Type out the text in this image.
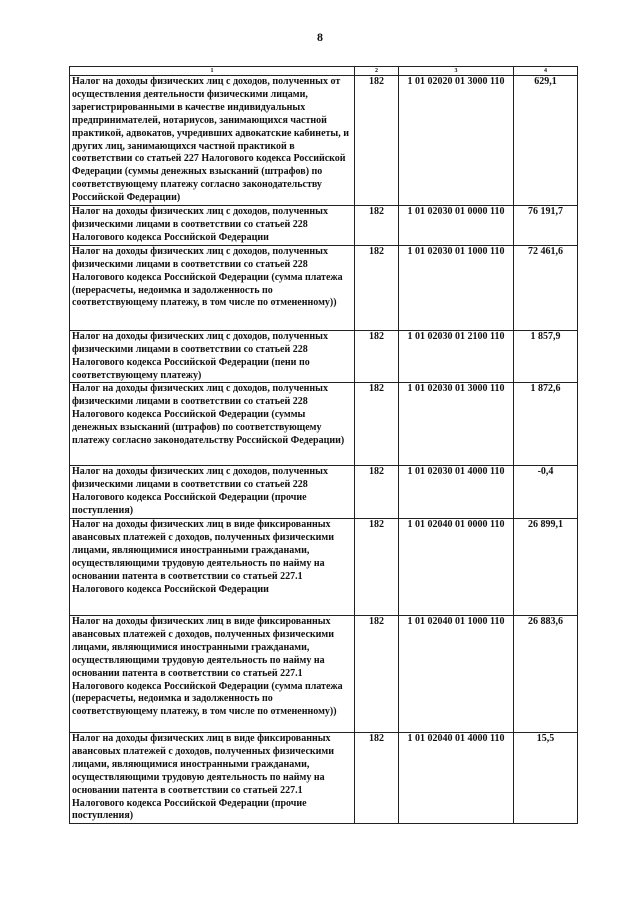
8
1	2	3	4
Налог на доходы физических лиц с доходов, полученных от осуществления деятельности физическими лицами, зарегистрированными в качестве индивидуальных предпринимателей, нотариусов, занимающихся частной практикой, адвокатов, учредивших адвокатские кабинеты, и других лиц, занимающихся частной практикой в соответствии со статьей 227 Налогового кодекса Российской Федерации (суммы денежных взысканий (штрафов) по соответствующему платежу согласно законодательству Российской Федерации)	182	1 01 02020 01 3000 110	629,1
Налог на доходы физических лиц с доходов, полученных физическими лицами в соответствии со статьей 228 Налогового кодекса Российской Федерации	182	1 01 02030 01 0000 110	76 191,7
Налог на доходы физических лиц с доходов, полученных физическими лицами в соответствии со статьей 228 Налогового кодекса Российской Федерации (сумма платежа (перерасчеты, недоимка и задолженность по соответствующему платежу, в том числе по отмененному))	182	1 01 02030 01 1000 110	72 461,6
Налог на доходы физических лиц с доходов, полученных физическими лицами в соответствии со статьей 228 Налогового кодекса Российской Федерации (пени по соответствующему платежу)	182	1 01 02030 01 2100 110	1 857,9
Налог на доходы физических лиц с доходов, полученных физическими лицами в соответствии со статьей 228 Налогового кодекса Российской Федерации (суммы денежных взысканий (штрафов) по соответствующему платежу согласно законодательству Российской Федерации)	182	1 01 02030 01 3000 110	1 872,6
Налог на доходы физических лиц с доходов, полученных физическими лицами в соответствии со статьей 228 Налогового кодекса Российской Федерации (прочие поступления)	182	1 01 02030 01 4000 110	-0,4
Налог на доходы физических лиц в виде фиксированных авансовых платежей с доходов, полученных физическими лицами, являющимися иностранными гражданами, осуществляющими трудовую деятельность по найму на основании патента в соответствии со статьей 227.1 Налогового кодекса Российской Федерации	182	1 01 02040 01 0000 110	26 899,1
Налог на доходы физических лиц в виде фиксированных авансовых платежей с доходов, полученных физическими лицами, являющимися иностранными гражданами, осуществляющими трудовую деятельность по найму на основании патента в соответствии со статьей 227.1 Налогового кодекса Российской Федерации (сумма платежа (перерасчеты, недоимка и задолженность по соответствующему платежу, в том числе по отмененному))	182	1 01 02040 01 1000 110	26 883,6
Налог на доходы физических лиц в виде фиксированных авансовых платежей с доходов, полученных физическими лицами, являющимися иностранными гражданами, осуществляющими трудовую деятельность по найму на основании патента в соответствии со статьей 227.1 Налогового кодекса Российской Федерации (прочие поступления)	182	1 01 02040 01 4000 110	15,5
